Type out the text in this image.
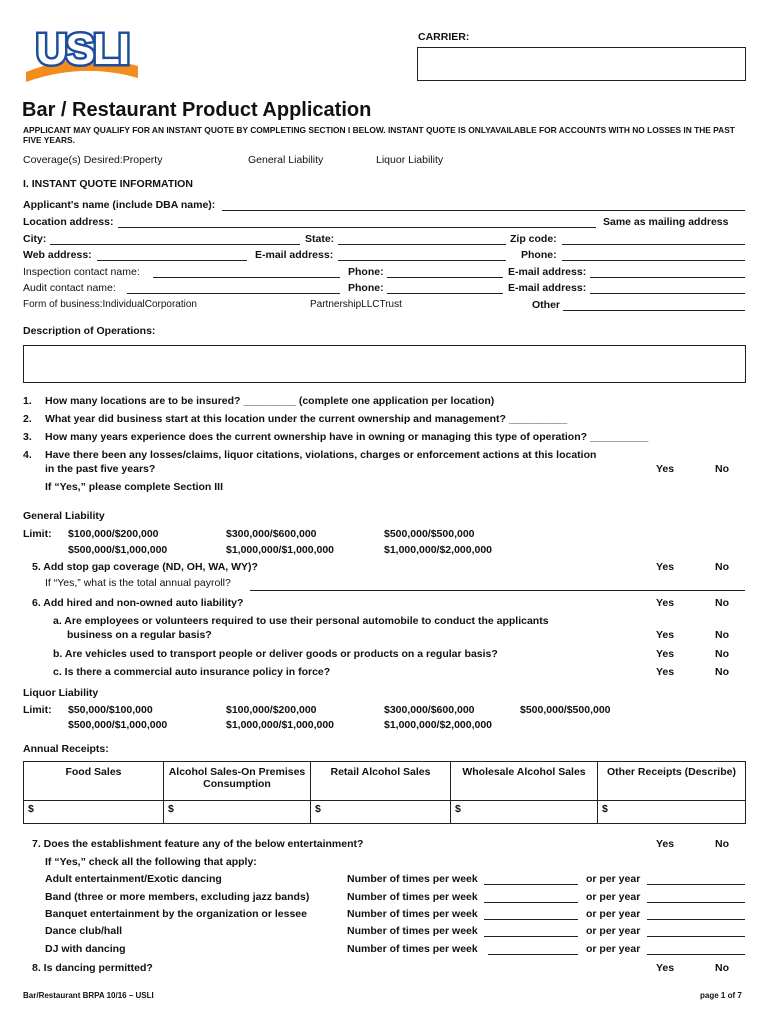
USLI	CARRIER:
Bar / Restaurant Product Application
APPLICANT MAY QUALIFY FOR AN INSTANT QUOTE BY COMPLETING SECTION I BELOW. INSTANT QUOTE IS ONLYAVAILABLE FOR ACCOUNTS WITH NO LOSSES IN THE PAST FIVE YEARS.
Coverage(s) Desired:Property	General Liability	Liquor Liability
I. INSTANT QUOTE INFORMATION
Applicant's name (include DBA name):
Location address:	Same as mailing address
City:	State:	Zip code:
Web address:	E-mail address:	Phone:
Inspection contact name:	Phone:	E-mail address:
Audit contact name:	Phone:	E-mail address:
Form of business:IndividualCorporation	PartnershipLLCTrust	Other
Description of Operations:
1. How many locations are to be insured? _________ (complete one application per location)
2. What year did business start at this location under the current ownership and management? __________
3. How many years experience does the current ownership have in owning or managing this type of operation? __________
4. Have there been any losses/claims, liquor citations, violations, charges or enforcement actions at this location
in the past five years?	Yes	No
If “Yes,” please complete Section III
General Liability
Limit: $100,000/$200,000	$300,000/$600,000	$500,000/$500,000
$500,000/$1,000,000	$1,000,000/$1,000,000	$1,000,000/$2,000,000
5. Add stop gap coverage (ND, OH, WA, WY)?	Yes	No
If “Yes,” what is the total annual payroll?
6. Add hired and non-owned auto liability?	Yes	No
a. Are employees or volunteers required to use their personal automobile to conduct the applicants
business on a regular basis?	Yes	No
b. Are vehicles used to transport people or deliver goods or products on a regular basis?	Yes	No
c. Is there a commercial auto insurance policy in force?	Yes	No
Liquor Liability
Limit: $50,000/$100,000	$100,000/$200,000	$300,000/$600,000	$500,000/$500,000
$500,000/$1,000,000	$1,000,000/$1,000,000	$1,000,000/$2,000,000
Annual Receipts:
Food Sales	Alcohol Sales-On Premises Consumption	Retail Alcohol Sales	Wholesale Alcohol Sales	Other Receipts (Describe)
$	$	$	$	$
7. Does the establishment feature any of the below entertainment?	Yes	No
If “Yes,” check all the following that apply:
Adult entertainment/Exotic dancing	Number of times per week	or per year
Band (three or more members, excluding jazz bands)	Number of times per week	or per year
Banquet entertainment by the organization or lessee	Number of times per week	or per year
Dance club/hall	Number of times per week	or per year
DJ with dancing	Number of times per week	or per year
8. Is dancing permitted?	Yes	No
Bar/Restaurant BRPA 10/16 – USLI	page 1 of 7
